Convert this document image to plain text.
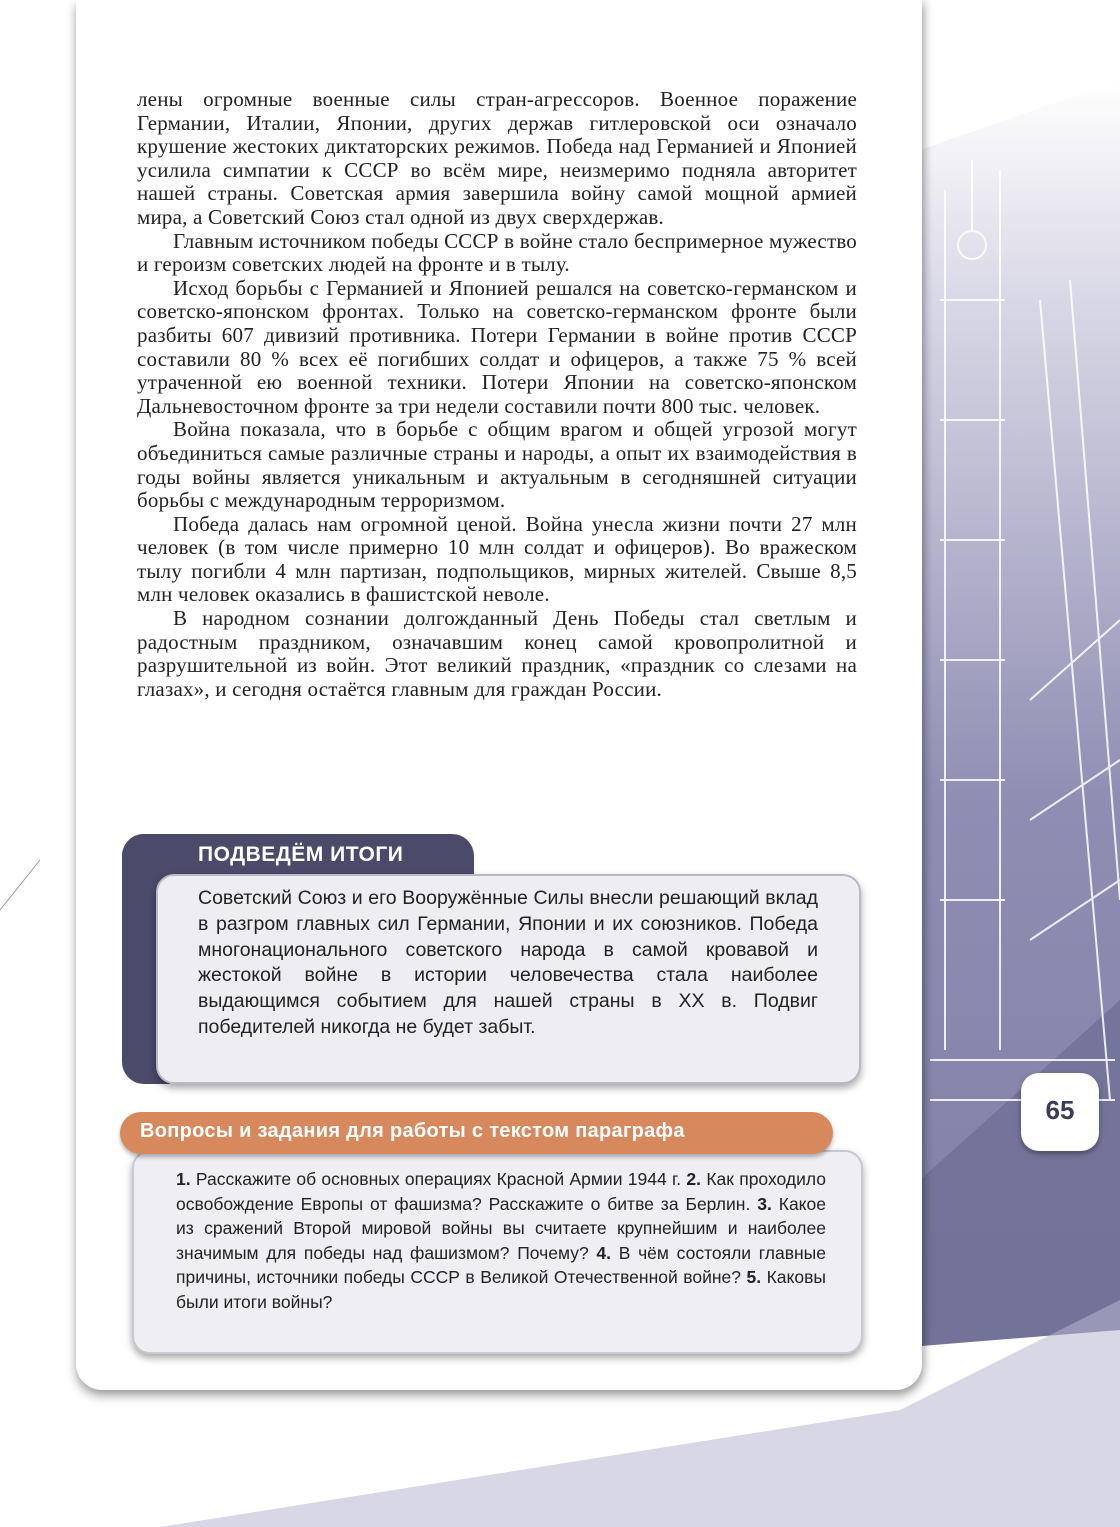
лены огромные военные силы стран-агрессоров. Военное поражение Германии, Италии, Японии, других держав гитлеровской оси означало крушение жестоких диктаторских режимов. Победа над Германией и Японией усилила симпатии к СССР во всём мире, неизмеримо подняла авторитет нашей страны. Советская армия завершила войну самой мощной армией мира, а Советский Союз стал одной из двух сверхдержав.

Главным источником победы СССР в войне стало беспримерное мужество и героизм советских людей на фронте и в тылу.

Исход борьбы с Германией и Японией решался на советско-германском и советско-японском фронтах. Только на советско-германском фронте были разбиты 607 дивизий противника. Потери Германии в войне против СССР составили 80 % всех её погибших солдат и офицеров, а также 75 % всей утраченной ею военной техники. Потери Японии на советско-японском Дальневосточном фронте за три недели составили почти 800 тыс. человек.

Война показала, что в борьбе с общим врагом и общей угрозой могут объединиться самые различные страны и народы, а опыт их взаимодействия в годы войны является уникальным и актуальным в сегодняшней ситуации борьбы с международным терроризмом.

Победа далась нам огромной ценой. Война унесла жизни почти 27 млн человек (в том числе примерно 10 млн солдат и офицеров). Во вражеском тылу погибли 4 млн партизан, подпольщиков, мирных жителей. Свыше 8,5 млн человек оказались в фашистской неволе.

В народном сознании долгожданный День Победы стал светлым и радостным праздником, означавшим конец самой кровопролитной и разрушительной из войн. Этот великий праздник, «праздник со слезами на глазах», и сегодня остаётся главным для граждан России.

ПОДВЕДЁМ ИТОГИ
Советский Союз и его Вооружённые Силы внесли решающий вклад в разгром главных сил Германии, Японии и их союзников. Победа многонационального советского народа в самой кровавой и жестокой войне в истории человечества стала наиболее выдающимся событием для нашей страны в XX в. Подвиг победителей никогда не будет забыт.
Вопросы и задания для работы с текстом параграфа
1. Расскажите об основных операциях Красной Армии 1944 г. 2. Как проходило освобождение Европы от фашизма? Расскажите о битве за Берлин. 3. Какое из сражений Второй мировой войны вы считаете крупнейшим и наиболее значимым для победы над фашизмом? Почему? 4. В чём состояли главные причины, источники победы СССР в Великой Отечественной войне? 5. Каковы были итоги войны?
65
